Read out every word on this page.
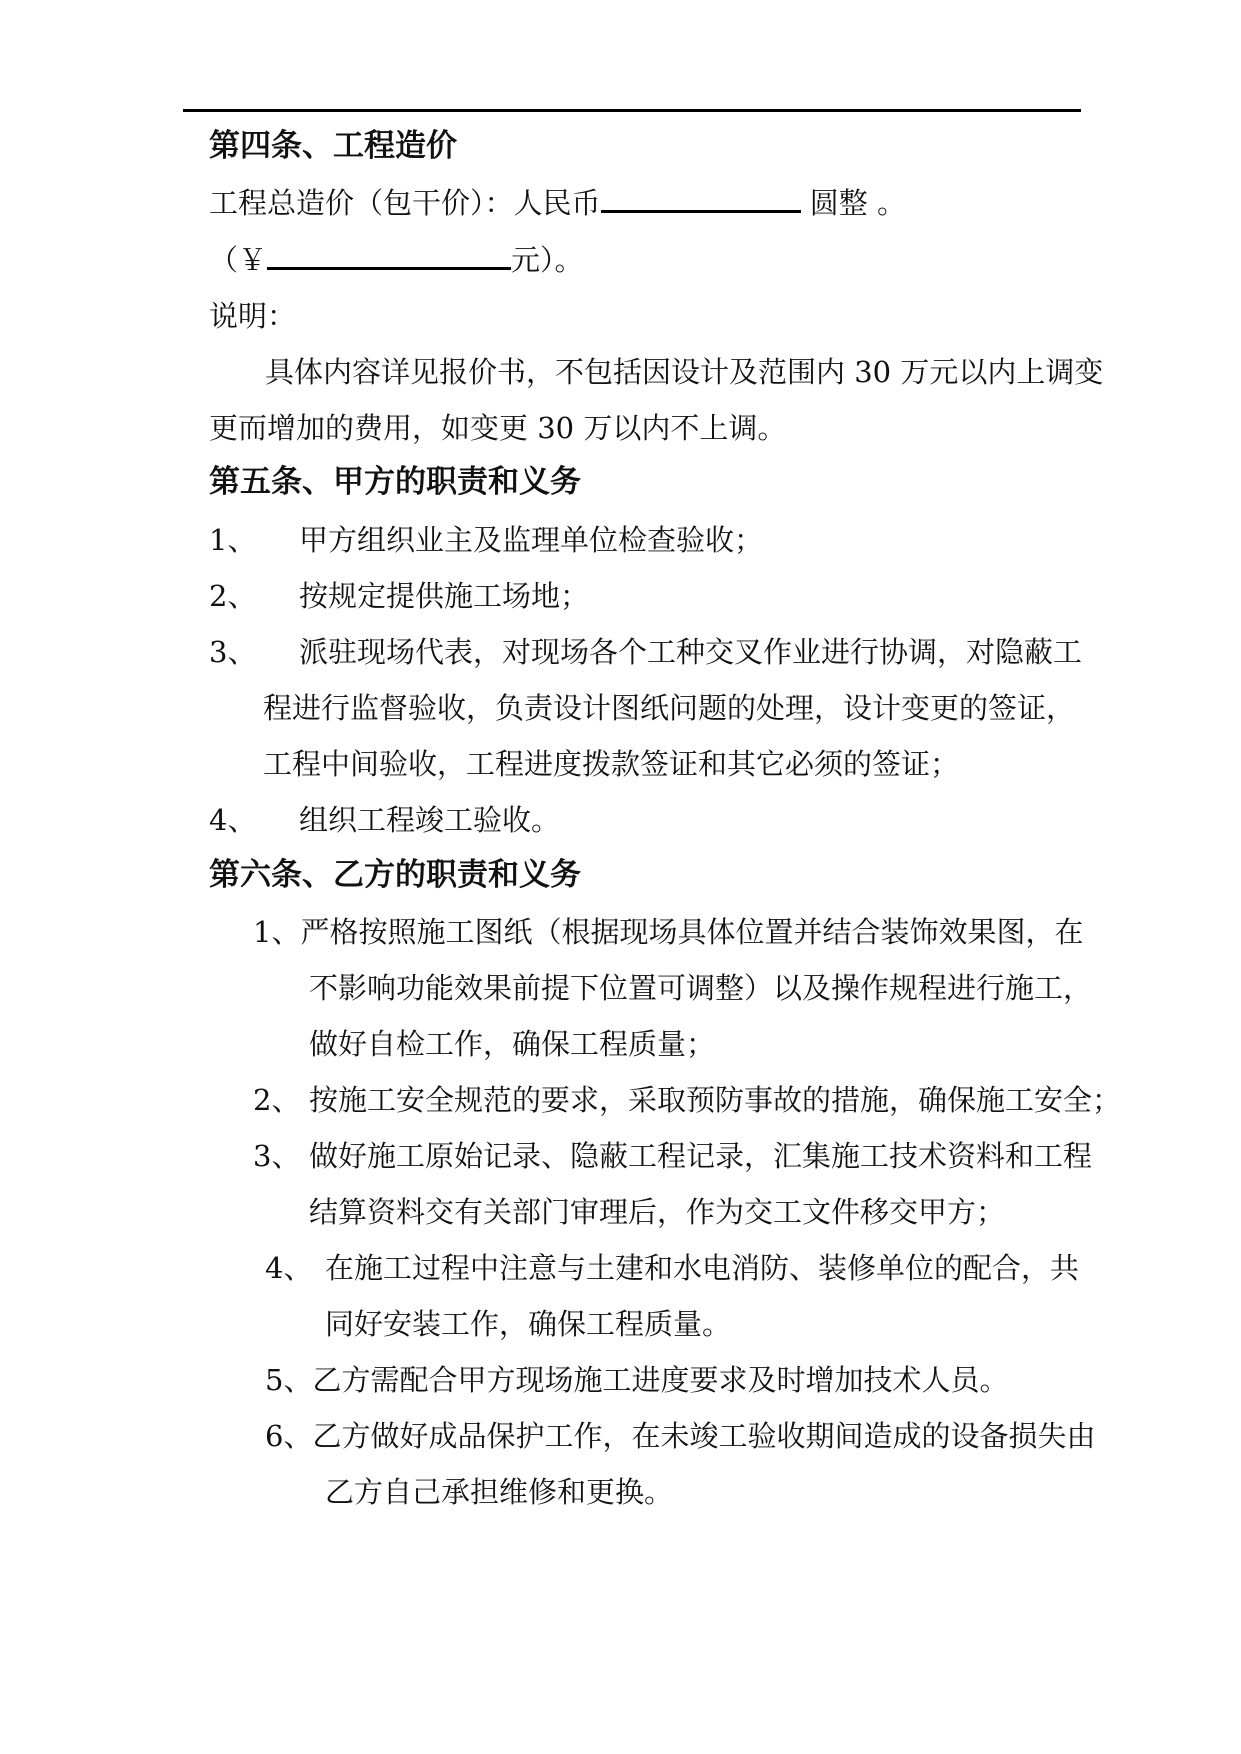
第四条、工程造价
工程总造价（包干价）：人民币	圆整 。
（￥	元）。
说明：
具体内容详见报价书，不包括因设计及范围内 30 万元以内上调变
更而增加的费用，如变更 30 万以内不上调。
第五条、甲方的职责和义务
1、 甲方组织业主及监理单位检查验收；
2、 按规定提供施工场地；
3、 派驻现场代表，对现场各个工种交叉作业进行协调，对隐蔽工
程进行监督验收，负责设计图纸问题的处理，设计变更的签证，
工程中间验收，工程进度拨款签证和其它必须的签证；
4、 组织工程竣工验收。
第六条、乙方的职责和义务
1、严格按照施工图纸（根据现场具体位置并结合装饰效果图，在
不影响功能效果前提下位置可调整）以及操作规程进行施工，
做好自检工作，确保工程质量；
2、 按施工安全规范的要求，采取预防事故的措施，确保施工安全；
3、 做好施工原始记录、隐蔽工程记录，汇集施工技术资料和工程
结算资料交有关部门审理后，作为交工文件移交甲方；
4、 在施工过程中注意与土建和水电消防、装修单位的配合，共
同好安装工作，确保工程质量。
5、乙方需配合甲方现场施工进度要求及时增加技术人员。
6、乙方做好成品保护工作，在未竣工验收期间造成的设备损失由
乙方自己承担维修和更换。
